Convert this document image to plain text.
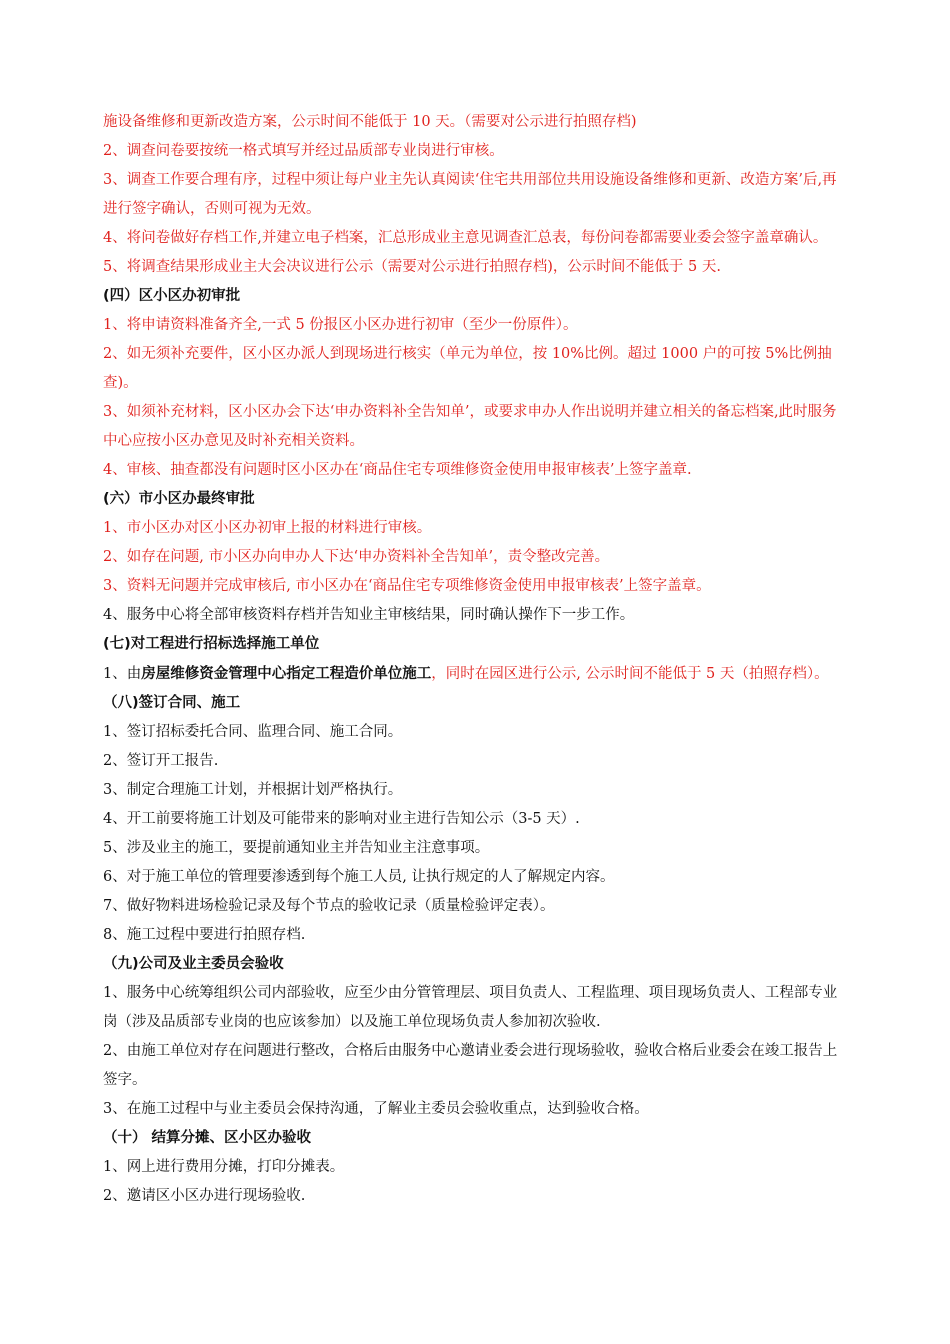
施设备维修和更新改造方案，公示时间不能低于 10 天。（需要对公示进行拍照存档)

2、调查问卷要按统一格式填写并经过品质部专业岗进行审核。

3、调查工作要合理有序，过程中须让每户业主先认真阅读‘住宅共用部位共用设施设备维修和更新、改造方案’后,再进行签字确认，否则可视为无效。

4、将问卷做好存档工作,并建立电子档案，汇总形成业主意见调查汇总表，每份问卷都需要业委会签字盖章确认。

5、将调查结果形成业主大会决议进行公示（需要对公示进行拍照存档)，公示时间不能低于 5 天.

(四）区小区办初审批

1、将申请资料准备齐全,一式 5 份报区小区办进行初审（至少一份原件）。

2、如无须补充要件，区小区办派人到现场进行核实（单元为单位，按 10%比例。超过 1000 户的可按 5%比例抽查)。

3、如须补充材料，区小区办会下达‘申办资料补全告知单’，或要求申办人作出说明并建立相关的备忘档案,此时服务中心应按小区办意见及时补充相关资料。

4、审核、抽查都没有问题时区小区办在‘商品住宅专项维修资金使用申报审核表’上签字盖章.

(六）市小区办最终审批

1、市小区办对区小区办初审上报的材料进行审核。

2、如存在问题, 市小区办向申办人下达‘申办资料补全告知单’，责令整改完善。

3、资料无问题并完成审核后, 市小区办在‘商品住宅专项维修资金使用申报审核表’上签字盖章。

4、服务中心将全部审核资料存档并告知业主审核结果，同时确认操作下一步工作。

(七)对工程进行招标选择施工单位

1、由房屋维修资金管理中心指定工程造价单位施工，同时在园区进行公示, 公示时间不能低于 5 天（拍照存档）。

（八)签订合同、施工

1、签订招标委托合同、监理合同、施工合同。

2、签订开工报告.

3、制定合理施工计划，并根据计划严格执行。

4、开工前要将施工计划及可能带来的影响对业主进行告知公示（3-5 天）.

5、涉及业主的施工，要提前通知业主并告知业主注意事项。

6、对于施工单位的管理要渗透到每个施工人员, 让执行规定的人了解规定内容。

7、做好物料进场检验记录及每个节点的验收记录（质量检验评定表）。

8、施工过程中要进行拍照存档.

（九)公司及业主委员会验收

1、服务中心统筹组织公司内部验收，应至少由分管管理层、项目负责人、工程监理、项目现场负责人、工程部专业岗（涉及品质部专业岗的也应该参加）以及施工单位现场负责人参加初次验收.

2、由施工单位对存在问题进行整改，合格后由服务中心邀请业委会进行现场验收，验收合格后业委会在竣工报告上签字。

3、在施工过程中与业主委员会保持沟通，了解业主委员会验收重点，达到验收合格。

（十） 结算分摊、区小区办验收

1、网上进行费用分摊，打印分摊表。

2、邀请区小区办进行现场验收.
